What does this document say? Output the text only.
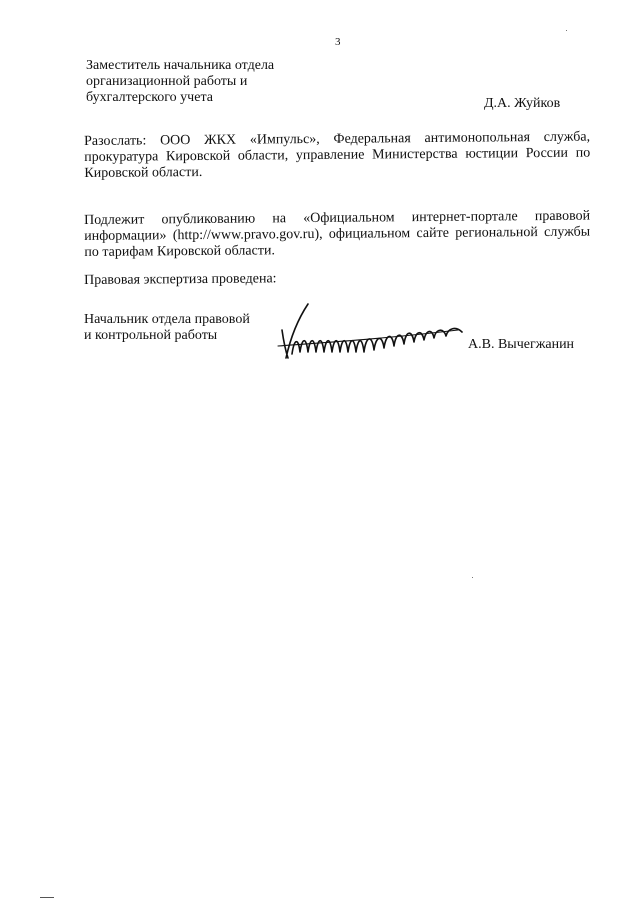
3
Заместитель начальника отдела
организационной работы и
бухгалтерского учета	Д.А. Жуйков
Разослать: ООО ЖКХ «Импульс», Федеральная антимонопольная служба, прокуратура Кировской области, управление Министерства юстиции России по Кировской области.
Подлежит опубликованию на «Официальном интернет-портале правовой информации» (http://www.pravo.gov.ru), официальном сайте региональной службы по тарифам Кировской области.
Правовая экспертиза проведена:
Начальник отдела правовой
и контрольной работы
А.В. Вычегжанин
